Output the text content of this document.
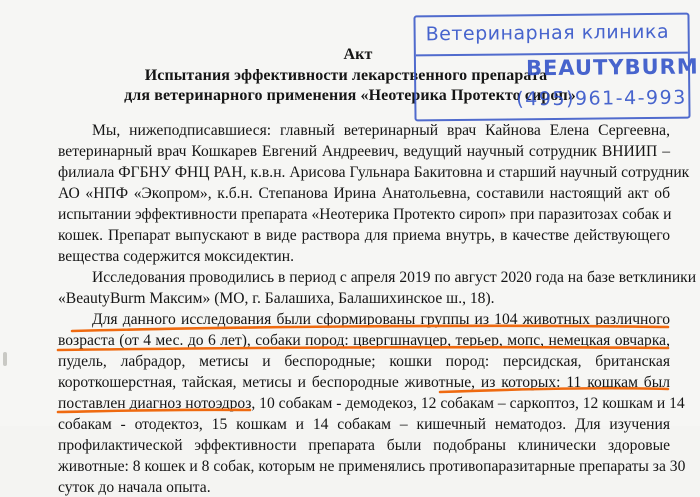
Акт
Испытания эффективности лекарственного препарата
для ветеринарного применения «Неотерика Протекто сироп»
Ветеринарная клиника
BEAUTYBURM
(495)961-4-993
Мы, нижеподписавшиеся: главный ветеринарный врач Кайнова Елена Сергеевна,
ветеринарный врач Кошкарев Евгений Андреевич, ведущий научный сотрудник ВНИИП –
филиала ФГБНУ ФНЦ РАН, к.в.н. Арисова Гульнара Бакитовна и старший научный сотрудник
АО «НПФ «Экопром», к.б.н. Степанова Ирина Анатольевна, составили настоящий акт об
испытании эффективности препарата «Неотерика Протекто сироп» при паразитозах собак и
кошек. Препарат выпускают в виде раствора для приема внутрь, в качестве действующего
вещества содержится моксидектин.
Исследования проводились в период с апреля 2019 по август 2020 года на базе ветклиники
«BeautyBurm Максим» (МО, г. Балашиха, Балашихинское ш., 18).
Для данного исследования были сформированы группы из 104 животных различного
возраста (от 4 мес. до 6 лет), собаки пород: цвергшнауцер, терьер, мопс, немецкая овчарка,
пудель, лабрадор, метисы и беспородные; кошки пород: персидская, британская
короткошерстная, тайская, метисы и беспородные животные, из которых: 11 кошкам был
поставлен диагноз нотоэдроз, 10 собакам - демодекоз, 12 собакам – саркоптоз, 12 кошкам и 14
собакам - отодектоз, 15 кошкам и 14 собакам – кишечный нематодоз. Для изучения
профилактической эффективности препарата были подобраны клинически здоровые
животные: 8 кошек и 8 собак, которым не применялись противопаразитарные препараты за 30
суток до начала опыта.
